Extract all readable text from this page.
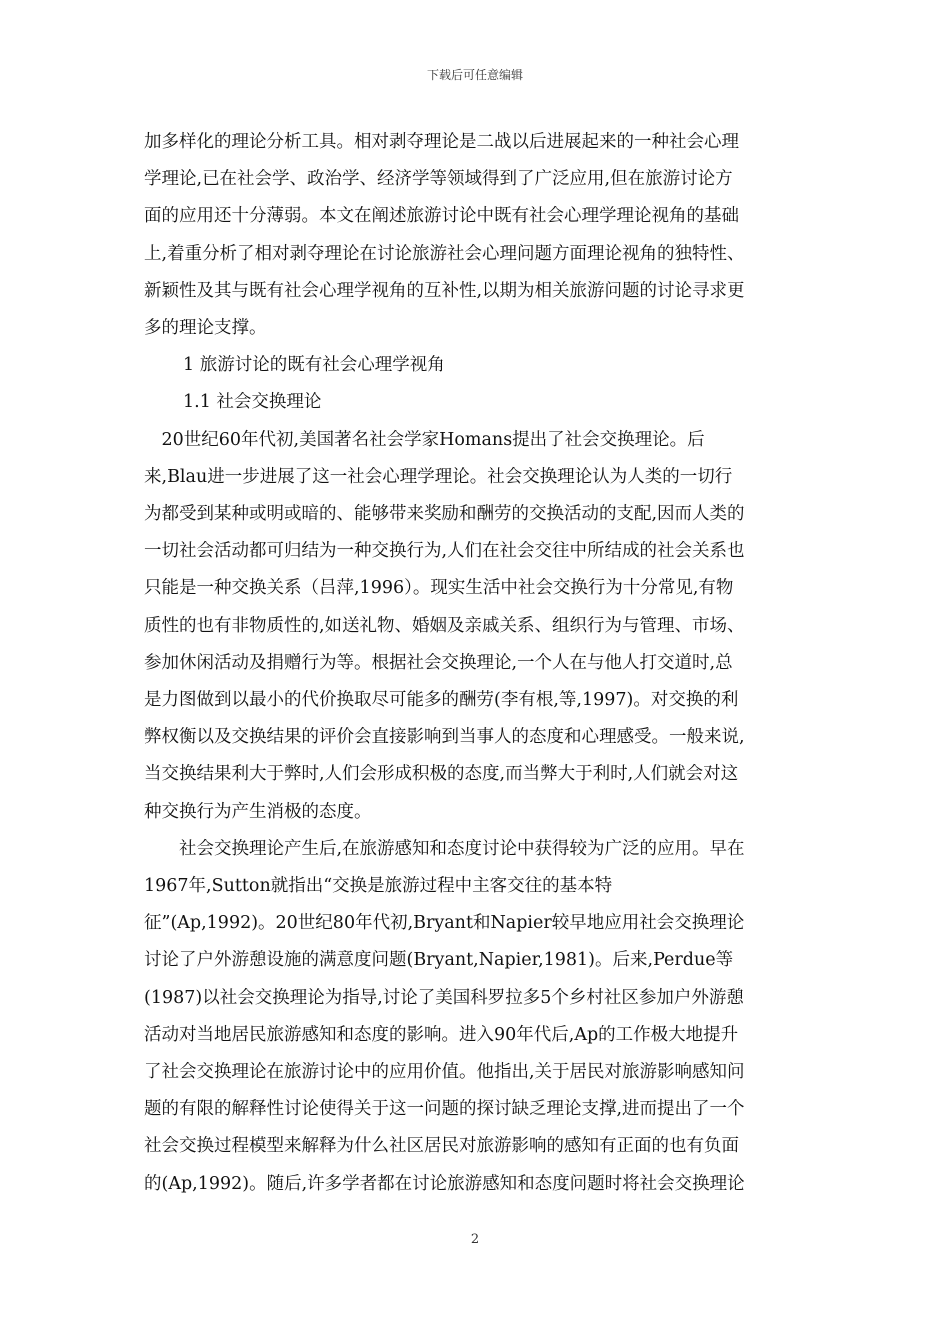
下载后可任意编辑

加多样化的理论分析工具。相对剥夺理论是二战以后进展起来的一种社会心理
学理论,已在社会学、政治学、经济学等领域得到了广泛应用,但在旅游讨论方
面的应用还十分薄弱。本文在阐述旅游讨论中既有社会心理学理论视角的基础
上,着重分析了相对剥夺理论在讨论旅游社会心理问题方面理论视角的独特性、
新颖性及其与既有社会心理学视角的互补性,以期为相关旅游问题的讨论寻求更
多的理论支撑。

1 旅游讨论的既有社会心理学视角

1.1 社会交换理论

　20世纪60年代初,美国著名社会学家Homans提出了社会交换理论。后
来,Blau进一步进展了这一社会心理学理论。社会交换理论认为人类的一切行
为都受到某种或明或暗的、能够带来奖励和酬劳的交换活动的支配,因而人类的
一切社会活动都可归结为一种交换行为,人们在社会交往中所结成的社会关系也
只能是一种交换关系（吕萍,1996）。现实生活中社会交换行为十分常见,有物
质性的也有非物质性的,如送礼物、婚姻及亲戚关系、组织行为与管理、市场、
参加休闲活动及捐赠行为等。根据社会交换理论,一个人在与他人打交道时,总
是力图做到以最小的代价换取尽可能多的酬劳(李有根,等,1997)。对交换的利
弊权衡以及交换结果的评价会直接影响到当事人的态度和心理感受。一般来说,
当交换结果利大于弊时,人们会形成积极的态度,而当弊大于利时,人们就会对这
种交换行为产生消极的态度。

　　社会交换理论产生后,在旅游感知和态度讨论中获得较为广泛的应用。早在
1967年,Sutton就指出“交换是旅游过程中主客交往的基本特
征”(Ap,1992)。20世纪80年代初,Bryant和Napier较早地应用社会交换理论
讨论了户外游憩设施的满意度问题(Bryant,Napier,1981)。后来,Perdue等
(1987)以社会交换理论为指导,讨论了美国科罗拉多5个乡村社区参加户外游憩
活动对当地居民旅游感知和态度的影响。进入90年代后,Ap的工作极大地提升
了社会交换理论在旅游讨论中的应用价值。他指出,关于居民对旅游影响感知问
题的有限的解释性讨论使得关于这一问题的探讨缺乏理论支撑,进而提出了一个
社会交换过程模型来解释为什么社区居民对旅游影响的感知有正面的也有负面
的(Ap,1992)。随后,许多学者都在讨论旅游感知和态度问题时将社会交换理论

2
